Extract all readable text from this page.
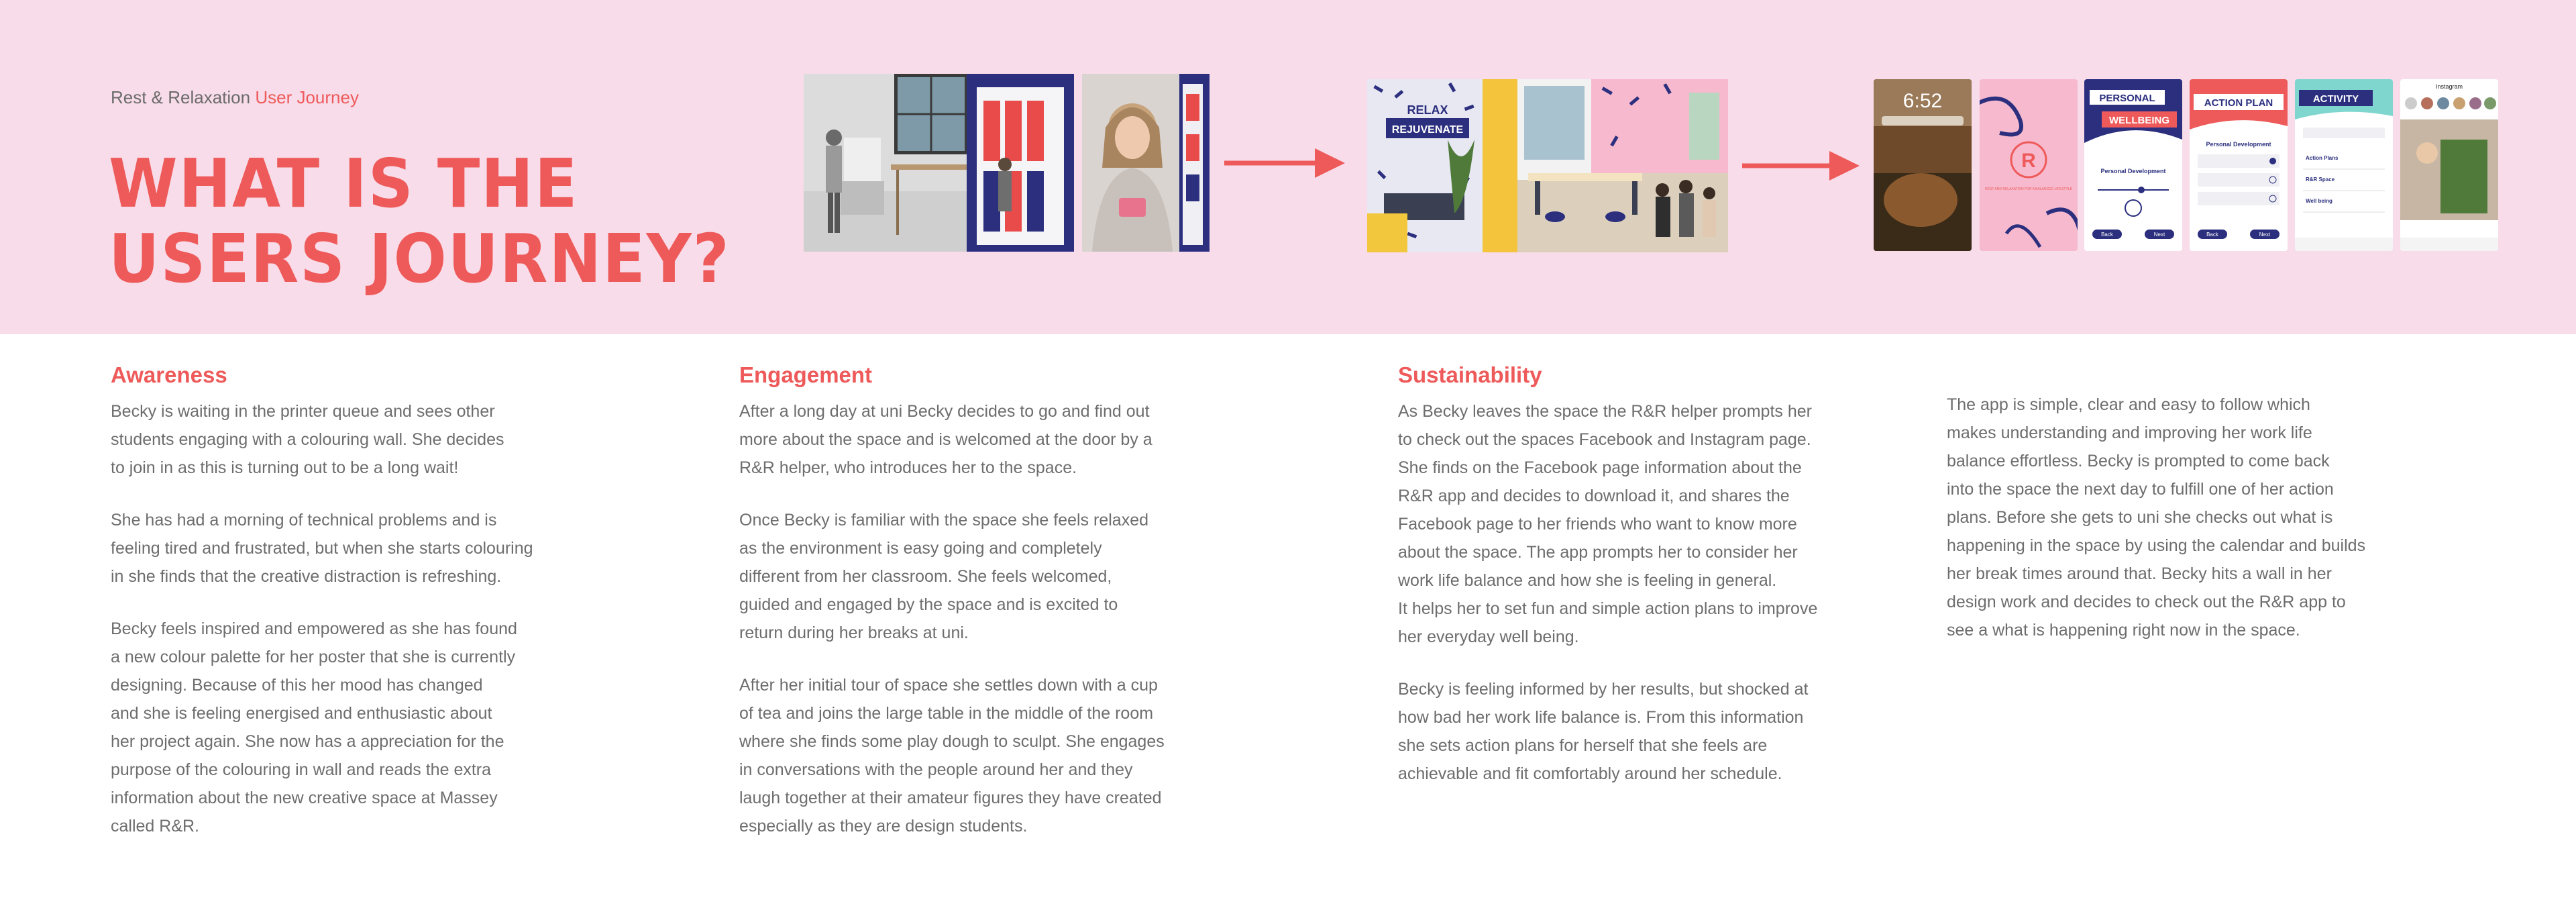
Rest & Relaxation User Journey
WHAT IS THE
USERS JOURNEY?
RELAX
REJUVENATE
6:52
R
REST AND RELAXATION FOR A BALANCED LIFESTYLE
PERSONAL
WELLBEING
Personal Development
Back	Next
ACTION PLAN
Personal Development
Back	Next
ACTIVITY
Action Plans
R&R Space
Well being
Instagram
Awareness

Becky is waiting in the printer queue and sees other
students engaging with a colouring wall. She decides
to join in as this is turning out to be a long wait!

She has had a morning of technical problems and is
feeling tired and frustrated, but when she starts colouring
in she finds that the creative distraction is refreshing.

Becky feels inspired and empowered as she has found
a new colour palette for her poster that she is currently
designing. Because of this her mood has changed
and she is feeling energised and enthusiastic about
her project again. She now has a appreciation for the
purpose of the colouring in wall and reads the extra
information about the new creative space at Massey
called R&R.

Engagement

After a long day at uni Becky decides to go and find out
more about the space and is welcomed at the door by a
R&R helper, who introduces her to the space.

Once Becky is familiar with the space she feels relaxed
as the environment is easy going and completely
different from her classroom. She feels welcomed,
guided and engaged by the space and is excited to
return during her breaks at uni.

After her initial tour of space she settles down with a cup
of tea and joins the large table in the middle of the room
where she finds some play dough to sculpt. She engages
in conversations with the people around her and they
laugh together at their amateur figures they have created
especially as they are design students.

Sustainability

As Becky leaves the space the R&R helper prompts her
to check out the spaces Facebook and Instagram page.
She finds on the Facebook page information about the
R&R app and decides to download it, and shares the
Facebook page to her friends who want to know more
about the space. The app prompts her to consider her
work life balance and how she is feeling in general.
It helps her to set fun and simple action plans to improve
her everyday well being.

Becky is feeling informed by her results, but shocked at
how bad her work life balance is. From this information
she sets action plans for herself that she feels are
achievable and fit comfortably around her schedule.

The app is simple, clear and easy to follow which
makes understanding and improving her work life
balance effortless. Becky is prompted to come back
into the space the next day to fulfill one of her action
plans. Before she gets to uni she checks out what is
happening in the space by using the calendar and builds
her break times around that. Becky hits a wall in her
design work and decides to check out the R&R app to
see a what is happening right now in the space.
